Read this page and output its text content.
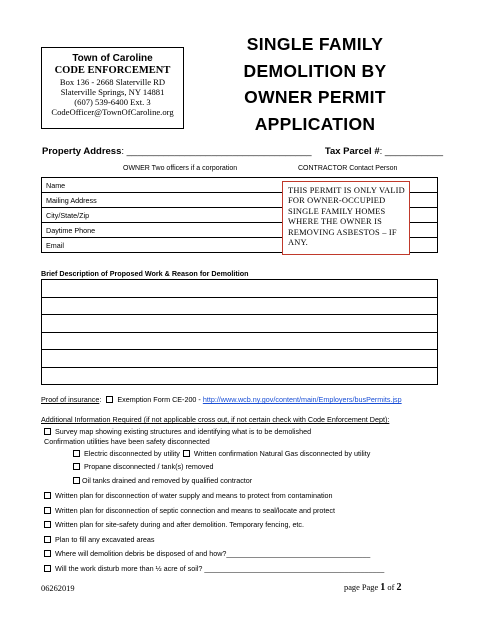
Town of Caroline
CODE ENFORCEMENT
Box 136 - 2668 Slaterville RD
Slaterville Springs, NY 14881
(607) 539-6400 Ext. 3
CodeOfficer@TownOfCaroline.org
SINGLE FAMILY
DEMOLITION BY
OWNER PERMIT
APPLICATION
Property Address: ___________________________________ Tax Parcel #: ___________
OWNER Two officers if a corporation	CONTRACTOR Contact Person
Name
Mailing Address
City/State/Zip
Daytime Phone
Email
THIS PERMIT IS ONLY VALID FOR OWNER-OCCUPIED SINGLE FAMILY HOMES WHERE THE OWNER IS REMOVING ASBESTOS – IF ANY.
Brief Description of Proposed Work & Reason for Demolition
Proof of insurance: Exemption Form CE-200 - http://www.wcb.ny.gov/content/main/Employers/busPermits.jsp
Additional Information Required (if not applicable cross out, if not certain check with Code Enforcement Dept):
Survey map showing existing structures and identifying what is to be demolished
Confirmation utilities have been safety disconnected
Electric disconnected by utility Written confirmation Natural Gas disconnected by utility
Propane disconnected / tank(s) removed
Oil tanks drained and removed by qualified contractor
Written plan for disconnection of water supply and means to protect from contamination
Written plan for disconnection of septic connection and means to seal/locate and protect
Written plan for site-safety during and after demolition. Temporary fencing, etc.
Plan to fill any excavated areas
Where will demolition debris be disposed of and how?____________________________________
Will the work disturb more than ½ acre of soil? _____________________________________________
06262019	page Page 1 of 2
